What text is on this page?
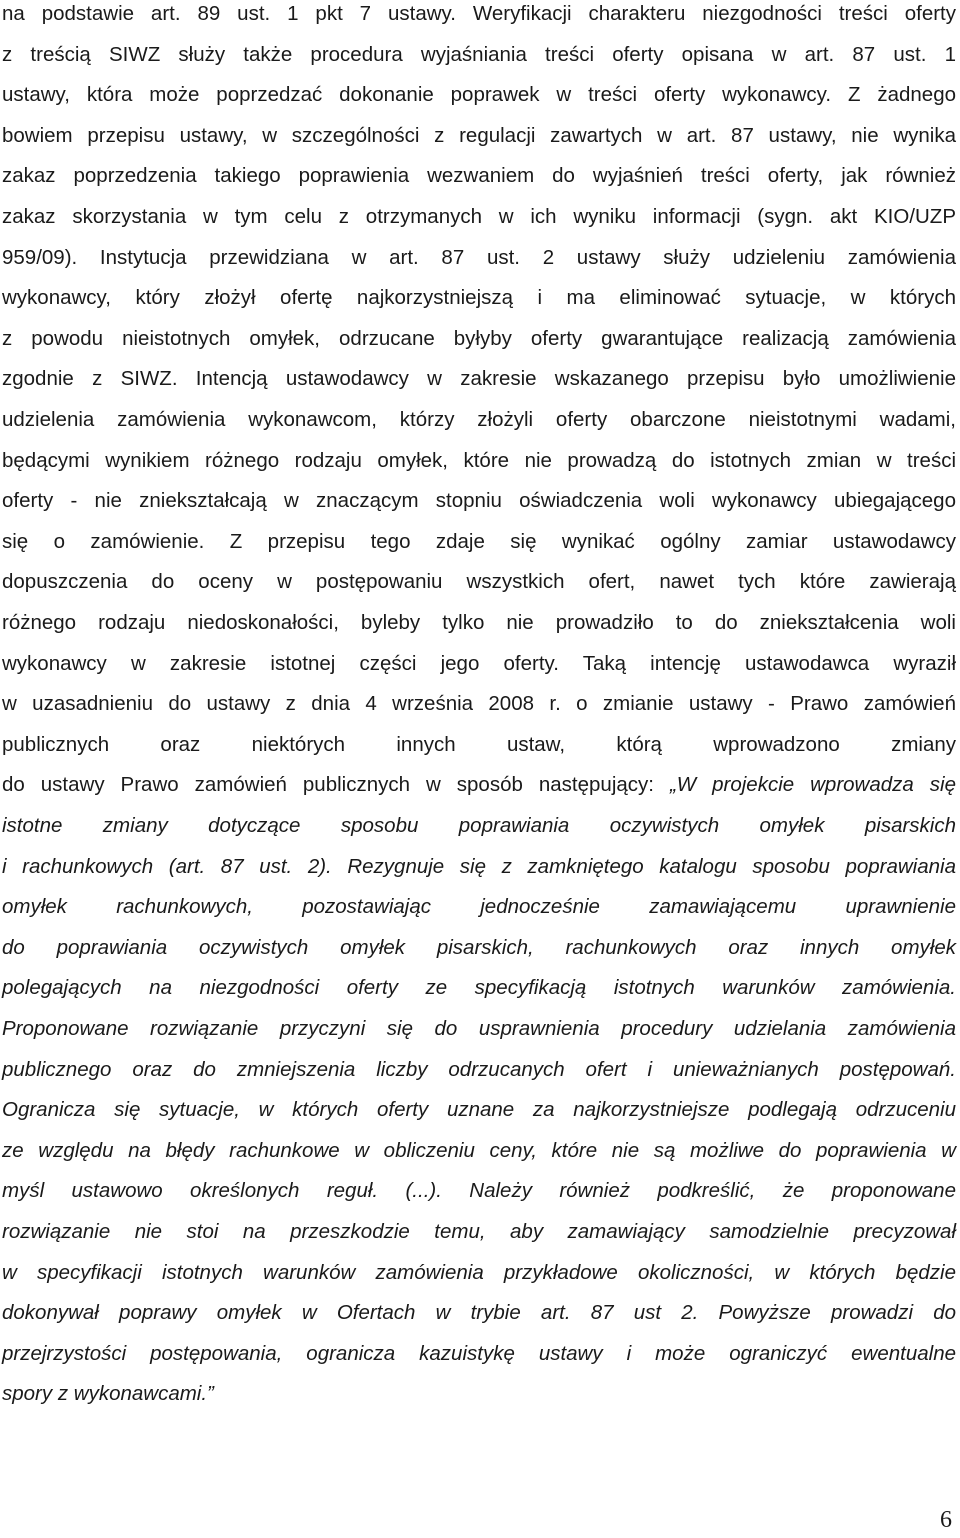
na podstawie art. 89 ust. 1 pkt 7 ustawy. Weryfikacji charakteru niezgodności treści oferty
z treścią SIWZ służy także procedura wyjaśniania treści oferty opisana w art. 87 ust. 1
ustawy, która może poprzedzać dokonanie poprawek w treści oferty wykonawcy. Z żadnego
bowiem przepisu ustawy, w szczególności z regulacji zawartych w art. 87 ustawy, nie wynika
zakaz poprzedzenia takiego poprawienia wezwaniem do wyjaśnień treści oferty, jak również
zakaz skorzystania w tym celu z otrzymanych w ich wyniku informacji (sygn. akt KIO/UZP
959/09). Instytucja przewidziana w art. 87 ust. 2 ustawy służy udzieleniu zamówienia
wykonawcy, który złożył ofertę najkorzystniejszą i ma eliminować sytuacje, w których
z powodu nieistotnych omyłek, odrzucane byłyby oferty gwarantujące realizacją zamówienia
zgodnie z SIWZ. Intencją ustawodawcy w zakresie wskazanego przepisu było umożliwienie
udzielenia zamówienia wykonawcom, którzy złożyli oferty obarczone nieistotnymi wadami,
będącymi wynikiem różnego rodzaju omyłek, które nie prowadzą do istotnych zmian w treści
oferty - nie zniekształcają w znaczącym stopniu oświadczenia woli wykonawcy ubiegającego
się o zamówienie. Z przepisu tego zdaje się wynikać ogólny zamiar ustawodawcy
dopuszczenia do oceny w postępowaniu wszystkich ofert, nawet tych które zawierają
różnego rodzaju niedoskonałości, byleby tylko nie prowadziło to do zniekształcenia woli
wykonawcy w zakresie istotnej części jego oferty. Taką intencję ustawodawca wyraził
w uzasadnieniu do ustawy z dnia 4 września 2008 r. o zmianie ustawy - Prawo zamówień
publicznych oraz niektórych innych ustaw, którą wprowadzono zmiany
do ustawy Prawo zamówień publicznych w sposób następujący: „W projekcie wprowadza się
istotne zmiany dotyczące sposobu poprawiania oczywistych omyłek pisarskich
i rachunkowych (art. 87 ust. 2). Rezygnuje się z zamkniętego katalogu sposobu poprawiania
omyłek rachunkowych, pozostawiając jednocześnie zamawiającemu uprawnienie
do poprawiania oczywistych omyłek pisarskich, rachunkowych oraz innych omyłek
polegających na niezgodności oferty ze specyfikacją istotnych warunków zamówienia.
Proponowane rozwiązanie przyczyni się do usprawnienia procedury udzielania zamówienia
publicznego oraz do zmniejszenia liczby odrzucanych ofert i unieważnianych postępowań.
Ogranicza się sytuacje, w których oferty uznane za najkorzystniejsze podlegają odrzuceniu
ze względu na błędy rachunkowe w obliczeniu ceny, które nie są możliwe do poprawienia w
myśl ustawowo określonych reguł. (...). Należy również podkreślić, że proponowane
rozwiązanie nie stoi na przeszkodzie temu, aby zamawiający samodzielnie precyzował
w specyfikacji istotnych warunków zamówienia przykładowe okoliczności, w których będzie
dokonywał poprawy omyłek w Ofertach w trybie art. 87 ust 2. Powyższe prowadzi do
przejrzystości postępowania, ogranicza kazuistykę ustawy i może ograniczyć ewentualne
spory z wykonawcami.”
6
